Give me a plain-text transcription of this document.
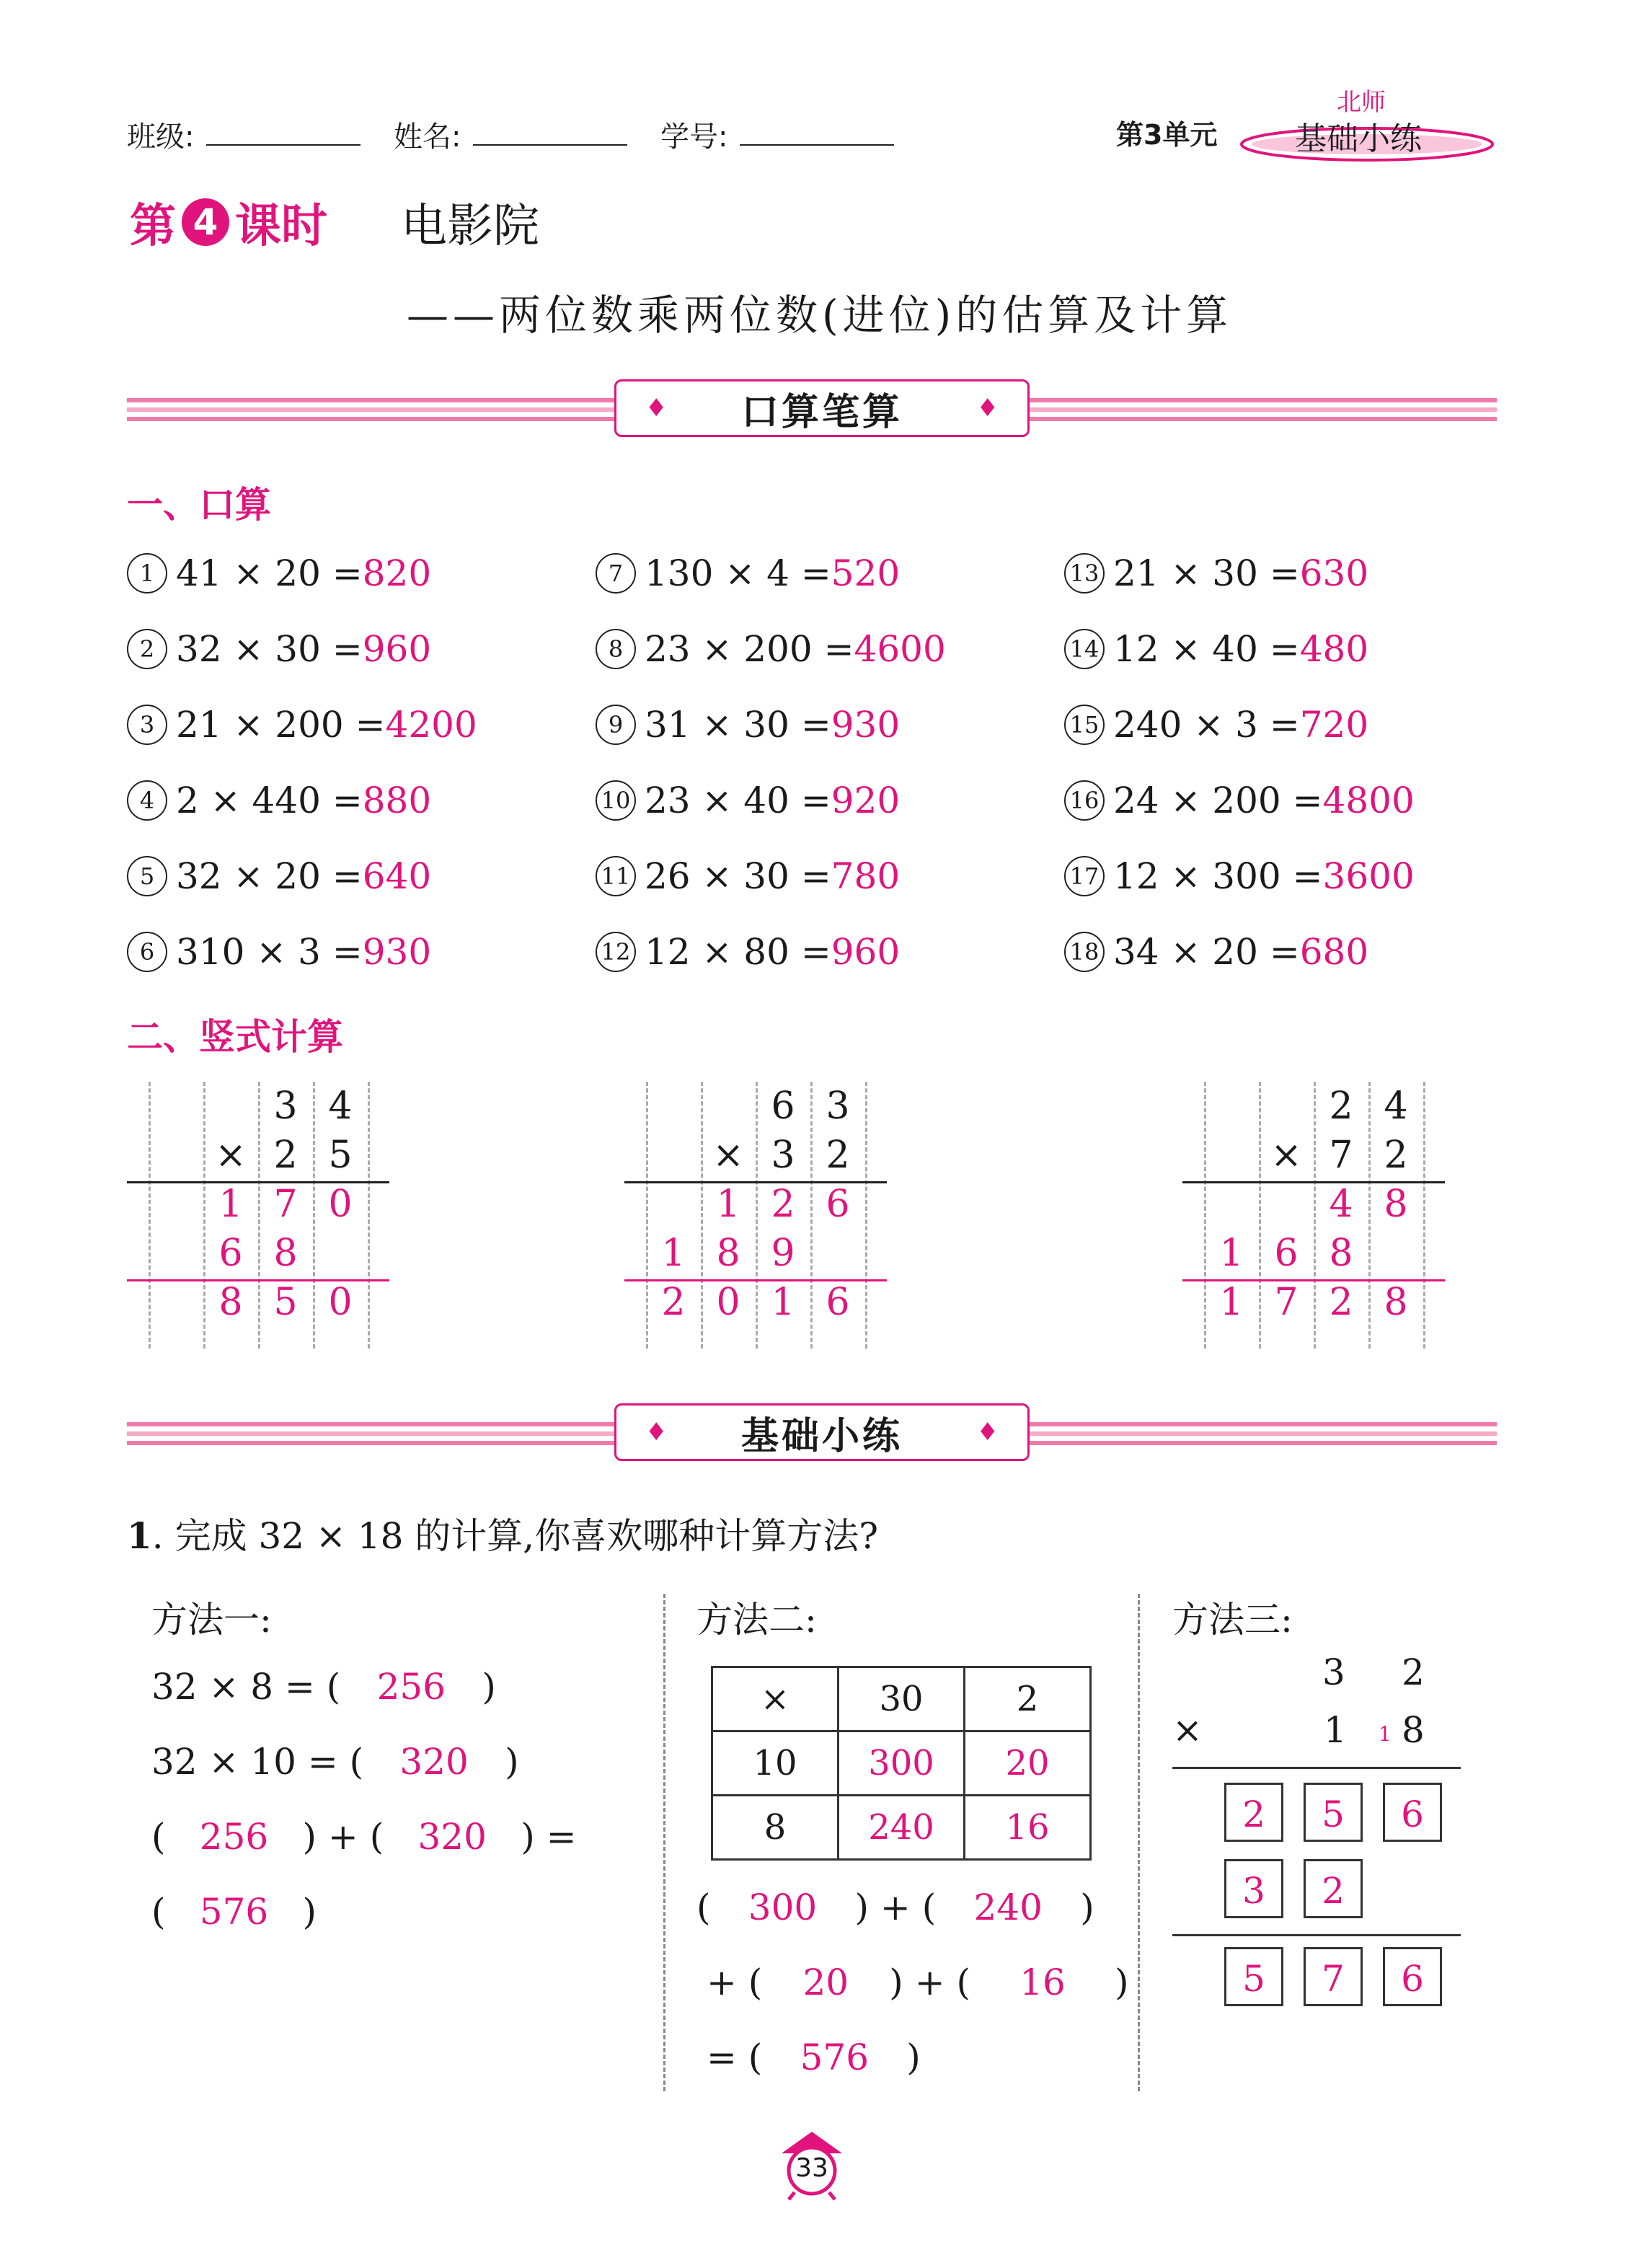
班级:	姓名:	学号:	第3单元
北师
基础小练
第 4 课时 电影院
——两位数乘两位数(进位)的估算及计算
♦ 口算笔算	♦
一、口算
1 41 × 20 =820
2 32 × 30 =960
3 21 × 200 =4200
4 2 × 440 =880
5 32 × 20 =640
6 310 × 3 =930
7 130 × 4 =520
8 23 × 200 =4600
9 31 × 30 =930
10 23 × 40 =920
11 26 × 30 =780
12 12 × 80 =960
13 21 × 30 =630
14 12 × 40 =480
15 240 × 3 =720
16 24 × 200 =4800
17 12 × 300 =3600
18 34 × 20 =680
二、竖式计算
3 4
× 2 5
1 7 0
6 8
8 5 0
6 3
× 3 2
1 2 6
1 8 9
2 0 1 6
2 4
× 7 2
4 8
1 6 8
1 7 2 8
♦ 基础小练	♦
1. 完成 32 × 18 的计算,你喜欢哪种计算方法?
方法一:
32 × 8 = ( 256 )
32 × 10 = ( 320 )
( 256 ) + ( 320 ) =
( 576 )
方法二:
×	30	2
10	300	20
8	240	16
( 300 ) + ( 240 )
+ ( 20 ) + ( 16 )
= ( 576 )
方法三:
3 2
×	1 1 8
2	5	6
3	2
5	7	6
33
